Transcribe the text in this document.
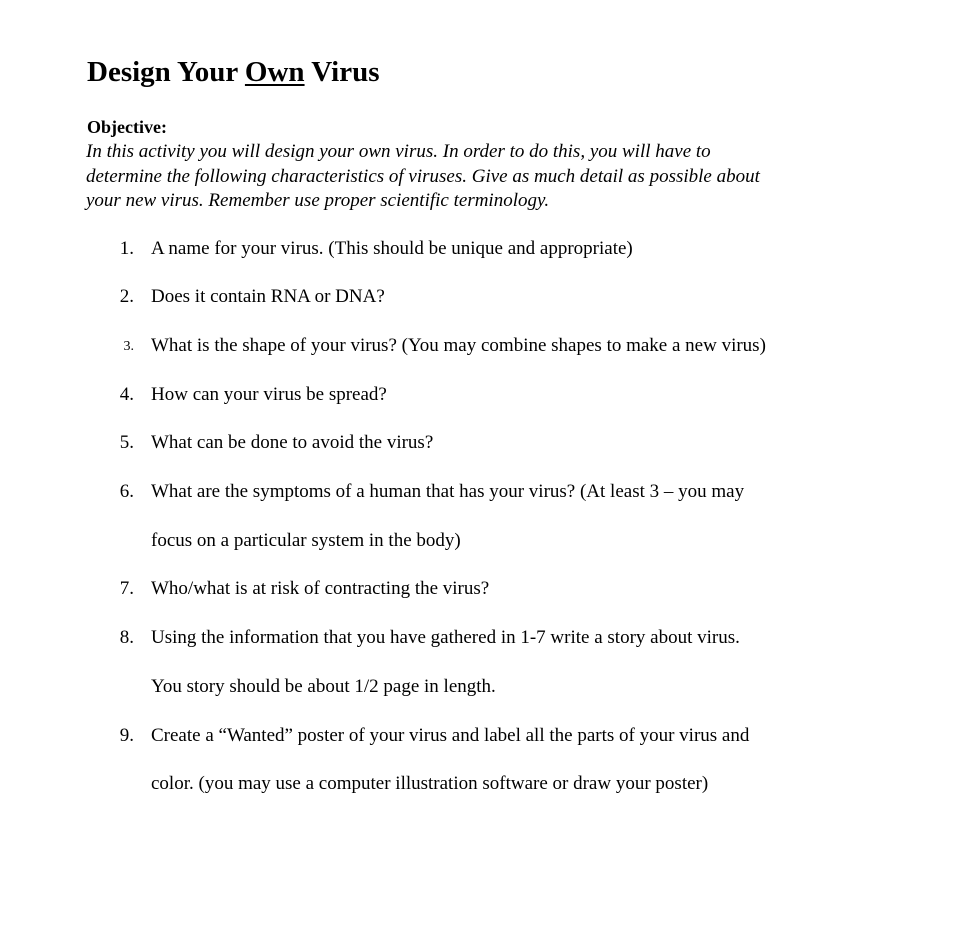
Design Your Own Virus
Objective:
In this activity you will design your own virus. In order to do this, you will have to
determine the following characteristics of viruses. Give as much detail as possible about
your new virus. Remember use proper scientific terminology.
1. A name for your virus. (This should be unique and appropriate)
2. Does it contain RNA or DNA?
3. What is the shape of your virus? (You may combine shapes to make a new virus)
4. How can your virus be spread?
5. What can be done to avoid the virus?
6. What are the symptoms of a human that has your virus? (At least 3 – you may
focus on a particular system in the body)
7. Who/what is at risk of contracting the virus?
8. Using the information that you have gathered in 1-7 write a story about virus.
You story should be about 1/2 page in length.
9. Create a “Wanted” poster of your virus and label all the parts of your virus and
color. (you may use a computer illustration software or draw your poster)
